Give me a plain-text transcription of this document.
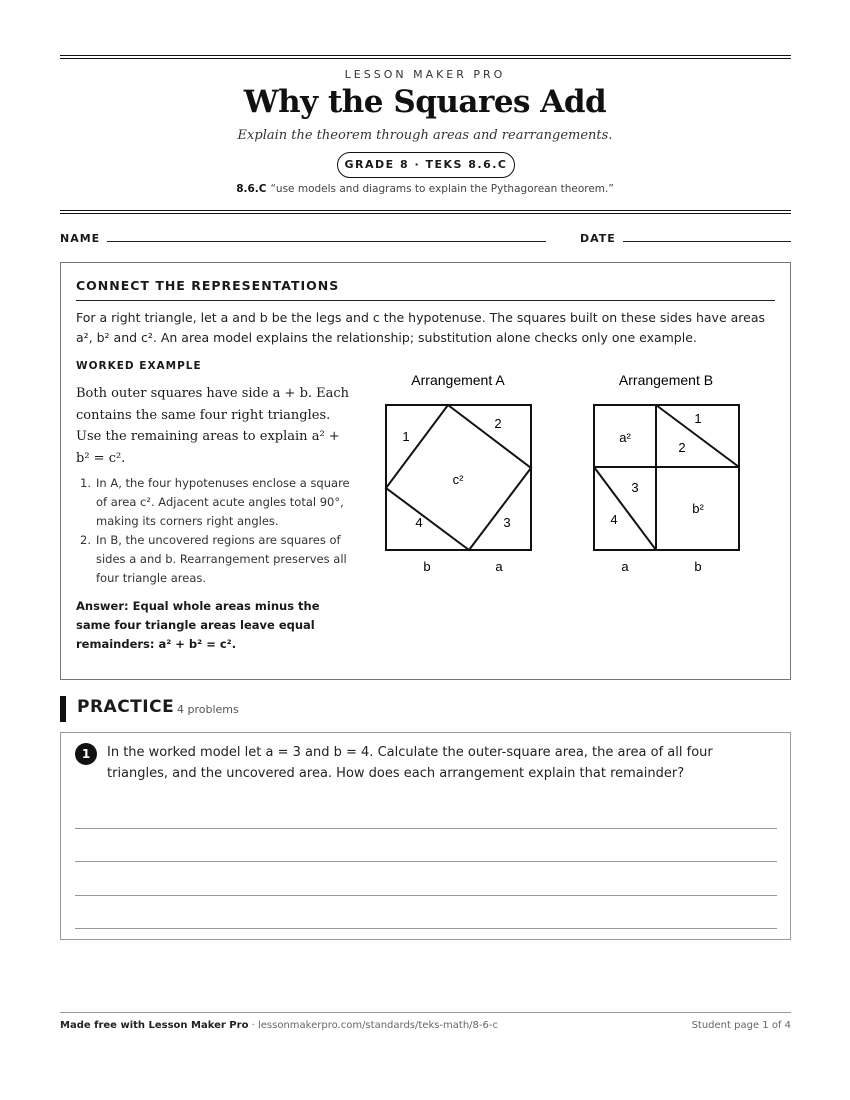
LESSON MAKER PRO
Why the Squares Add
Explain the theorem through areas and rearrangements.
GRADE 8 · TEKS 8.6.C
8.6.C “use models and diagrams to explain the Pythagorean theorem.”
NAME	DATE
CONNECT THE REPRESENTATIONS
For a right triangle, let a and b be the legs and c the hypotenuse. The squares built on these sides have areas a², b² and c². An area model explains the relationship; substitution alone checks only one example.
WORKED EXAMPLE
Both outer squares have side a + b. Each contains the same four right triangles. Use the remaining areas to explain a² + b² = c².
1. In A, the four hypotenuses enclose a square of area c². Adjacent acute angles total 90°, making its corners right angles.
2. In B, the uncovered regions are squares of sides a and b. Rearrangement preserves all four triangle areas.
Answer: Equal whole areas minus the same four triangle areas leave equal remainders: a² + b² = c².
Arrangement A
1
2
3
4
c²
b	a
Arrangement B
a²
1
2
3
4
b²
a	b
PRACTICE 4 problems
1	In the worked model let a = 3 and b = 4. Calculate the outer-square area, the area of all four triangles, and the uncovered area. How does each arrangement explain that remainder?
Made free with Lesson Maker Pro · lessonmakerpro.com/standards/teks-math/8-6-c	Student page 1 of 4
